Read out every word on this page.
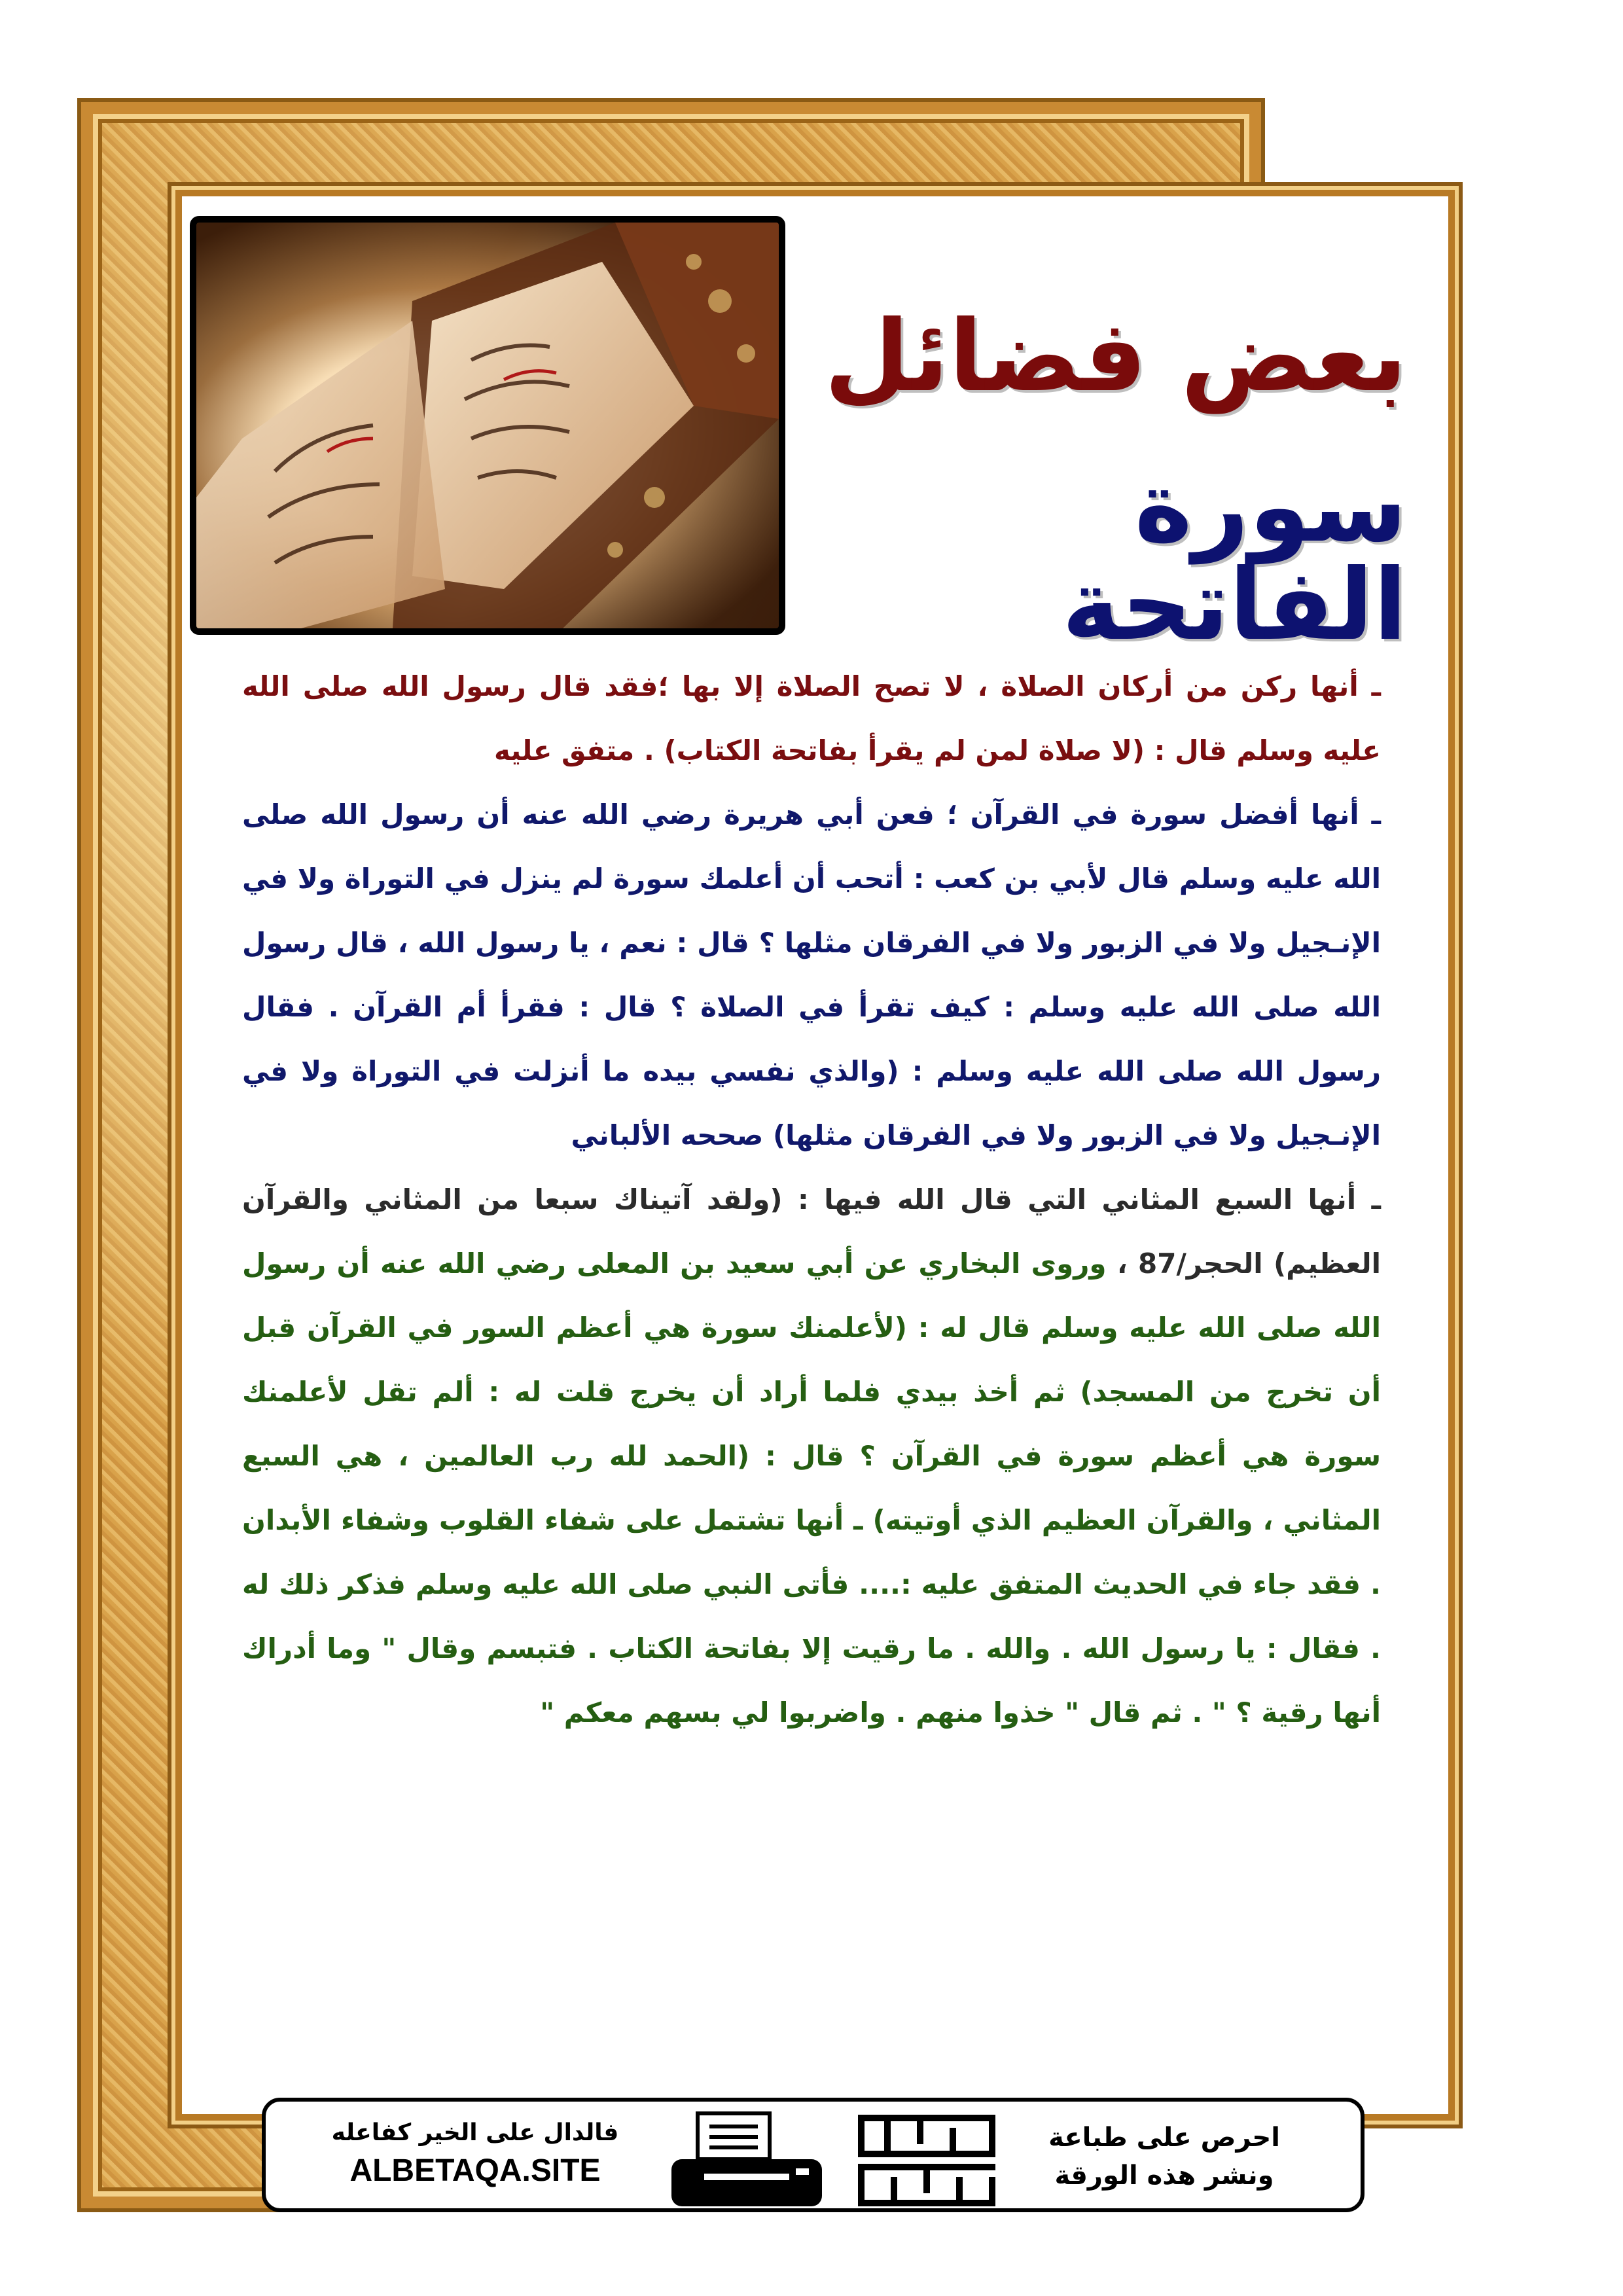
بعض فضائل
سورة الفاتحة

ـ أنها ركن من أركان الصلاة ، لا تصح الصلاة إلا بها ؛فقد قال رسول الله صلى الله عليه وسلم قال : (لا صلاة لمن لم يقرأ بفاتحة الكتاب) . متفق عليه

ـ أنها أفضل سورة في القرآن ؛ فعن أبي هريرة رضي الله عنه أن رسول الله صلى الله عليه وسلم قال لأبي بن كعب : أتحب أن أعلمك سورة لم ينزل في التوراة ولا في الإنـجيل ولا في الزبور ولا في الفرقان مثلها ؟ قال : نعم ، يا رسول الله ، قال رسول الله صلى الله عليه وسلم : كيف تقرأ في الصلاة ؟ قال : فقرأ أم القرآن . فقال رسول الله صلى الله عليه وسلم : (والذي نفسي بيده ما أنزلت في التوراة ولا في الإنـجيل ولا في الزبور ولا في الفرقان مثلها) صححه الألباني

ـ أنها السبع المثاني التي قال الله فيها : (ولقد آتيناك سبعا من المثاني والقرآن العظيم) الحجر/87 ، وروى البخاري عن أبي سعيد بن المعلى رضي الله عنه أن رسول الله صلى الله عليه وسلم قال له : (لأعلمنك سورة هي أعظم السور في القرآن قبل أن تخرج من المسجد) ثم أخذ بيدي فلما أراد أن يخرج قلت له : ألم تقل لأعلمنك سورة هي أعظم سورة في القرآن ؟ قال : (الحمد لله رب العالمين ، هي السبع المثاني ، والقرآن العظيم الذي أوتيته) ـ أنها تشتمل على شفاء القلوب وشفاء الأبدان . فقد جاء في الحديث المتفق عليه :.... فأتى النبي صلى الله عليه وسلم فذكر ذلك له . فقال : يا رسول الله . والله . ما رقيت إلا بفاتحة الكتاب . فتبسم وقال " وما أدراك أنها رقية ؟ " . ثم قال " خذوا منهم . واضربوا لي بسهم معكم "

فالدال على الخير كفاعله
ALBETAQA.SITE
احرص على طباعة
ونشر هذه الورقة
